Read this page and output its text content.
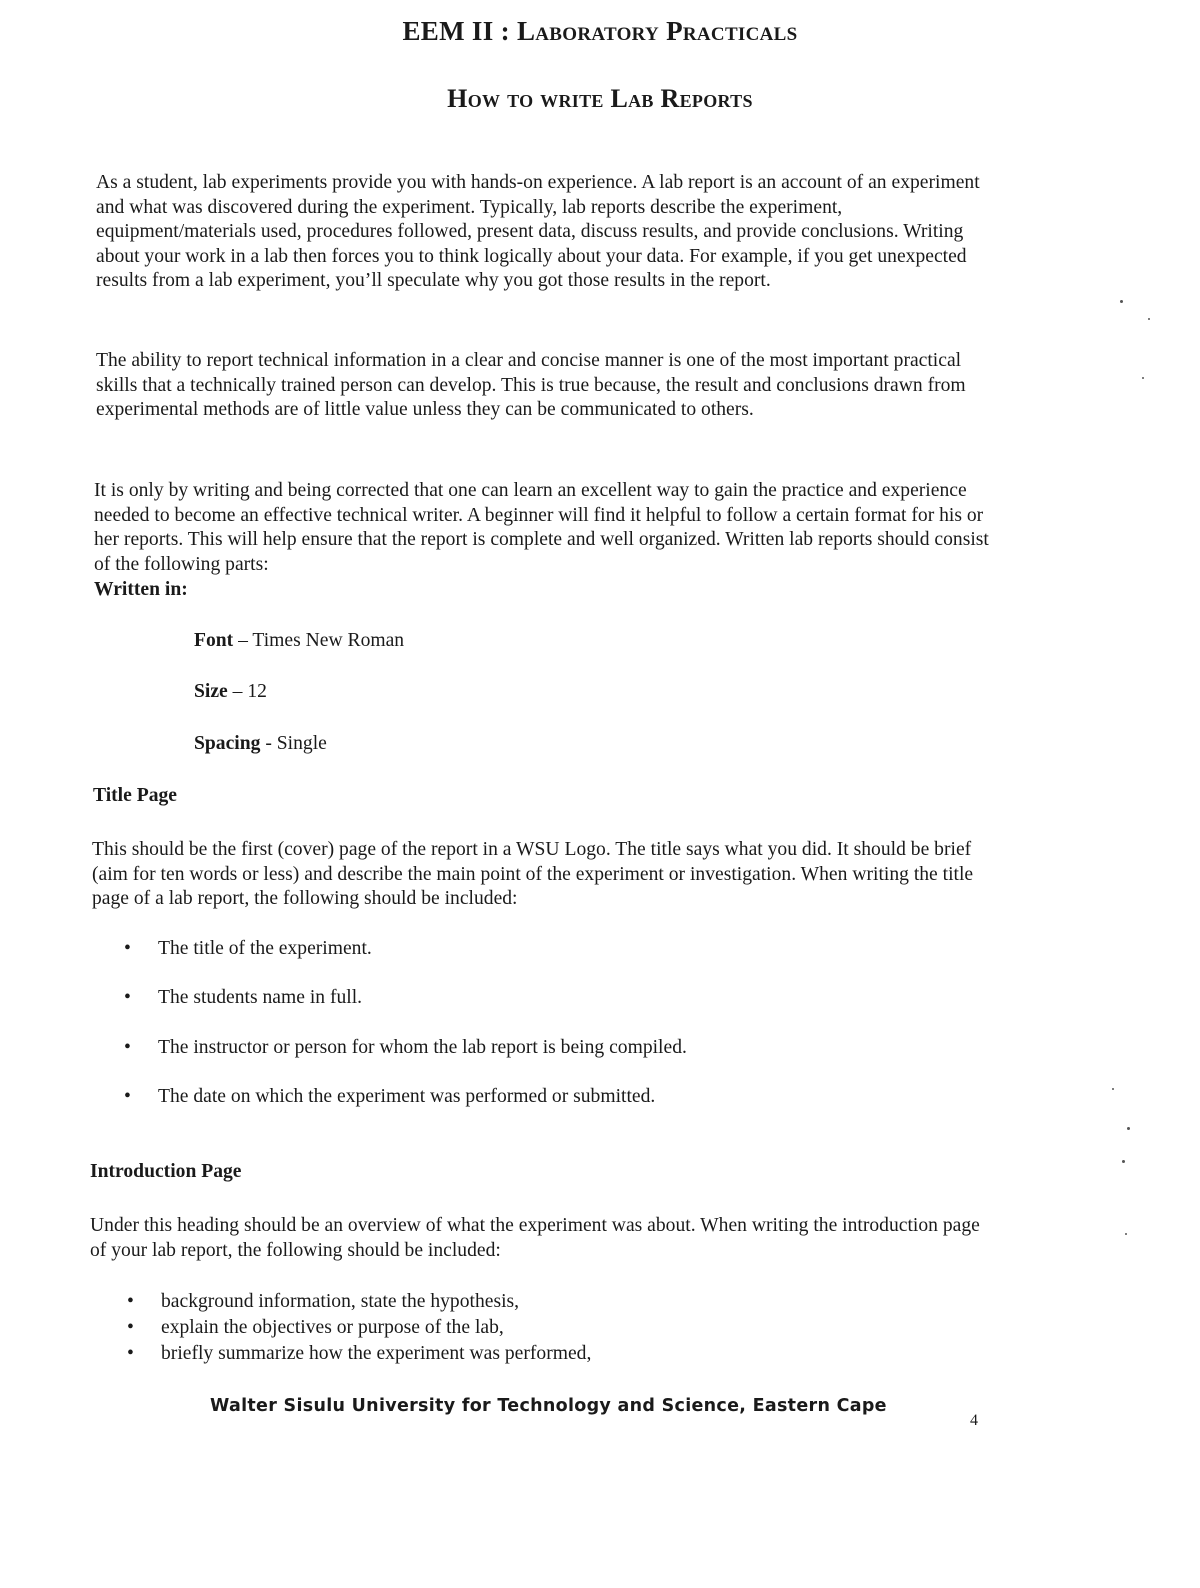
EEM II : Laboratory Practicals
How to write Lab Reports

As a student, lab experiments provide you with hands-on experience. A lab report is an account of an experiment and what was discovered during the experiment. Typically, lab reports describe the experiment, equipment/materials used, procedures followed, present data, discuss results, and provide conclusions. Writing about your work in a lab then forces you to think logically about your data. For example, if you get unexpected results from a lab experiment, you’ll speculate why you got those results in the report.

The ability to report technical information in a clear and concise manner is one of the most important practical skills that a technically trained person can develop. This is true because, the result and conclusions drawn from experimental methods are of little value unless they can be communicated to others.

It is only by writing and being corrected that one can learn an excellent way to gain the practice and experience needed to become an effective technical writer. A beginner will find it helpful to follow a certain format for his or her reports. This will help ensure that the report is complete and well organized. Written lab reports should consist of the following parts:

Written in:
Font – Times New Roman
Size – 12
Spacing - Single
Title Page

This should be the first (cover) page of the report in a WSU Logo. The title says what you did. It should be brief (aim for ten words or less) and describe the main point of the experiment or investigation. When writing the title page of a lab report, the following should be included:

• The title of the experiment.
• The students name in full.
• The instructor or person for whom the lab report is being compiled.
• The date on which the experiment was performed or submitted.
Introduction Page

Under this heading should be an overview of what the experiment was about. When writing the introduction page of your lab report, the following should be included:

• background information, state the hypothesis,
• explain the objectives or purpose of the lab,
• briefly summarize how the experiment was performed,
Walter Sisulu University for Technology and Science, Eastern Cape
4
